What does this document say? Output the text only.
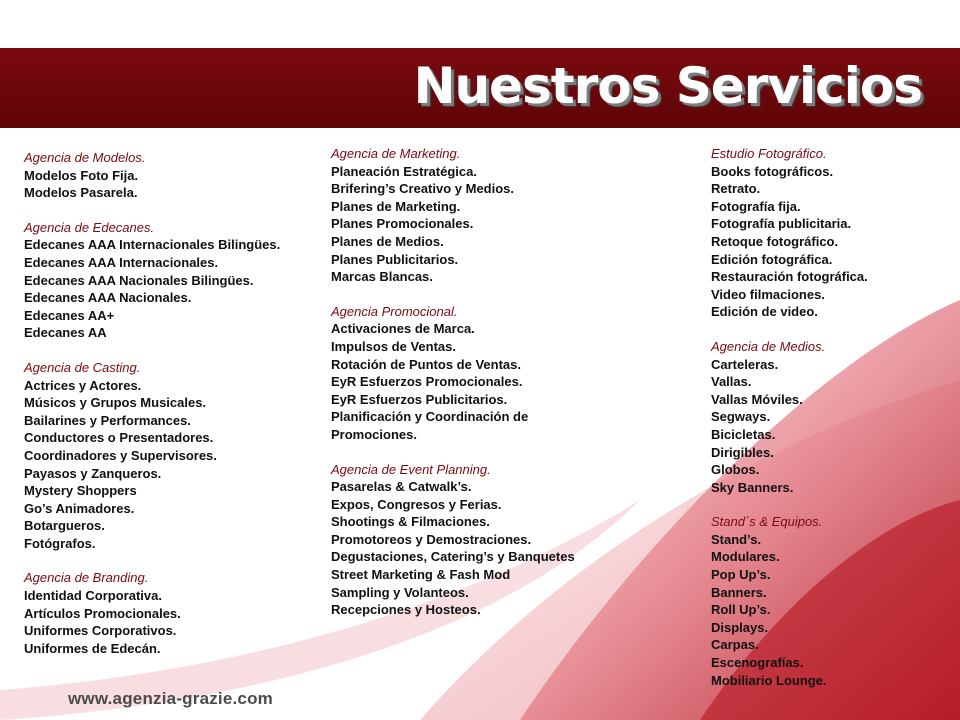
Nuestros Servicios
Agencia de Modelos.
Modelos Foto Fija.
Modelos Pasarela.
Agencia de Edecanes.
Edecanes AAA Internacionales Bilingües.
Edecanes AAA Internacionales.
Edecanes AAA Nacionales Bilingües.
Edecanes AAA Nacionales.
Edecanes AA+
Edecanes AA
Agencia de Casting.
Actrices y Actores.
Músicos y Grupos Musicales.
Bailarines y Performances.
Conductores o Presentadores.
Coordinadores y Supervisores.
Payasos y Zanqueros.
Mystery Shoppers
Go’s Animadores.
Botargueros.
Fotógrafos.
Agencia de Branding.
Identidad Corporativa.
Artículos Promocionales.
Uniformes Corporativos.
Uniformes de Edecán.
Agencia de Marketing.
Planeación Estratégica.
Brifering’s Creativo y Medios.
Planes de Marketing.
Planes Promocionales.
Planes de Medios.
Planes Publicitarios.
Marcas Blancas.
Agencia Promocional.
Activaciones de Marca.
Impulsos de Ventas.
Rotación de Puntos de Ventas.
EyR Esfuerzos Promocionales.
EyR Esfuerzos Publicitarios.
Planificación y Coordinación de
Promociones.
Agencia de Event Planning.
Pasarelas & Catwalk’s.
Expos, Congresos y Ferias.
Shootings & Filmaciones.
Promotoreos y Demostraciones.
Degustaciones, Catering’s y Banquetes
Street Marketing & Fash Mod
Sampling y Volanteos.
Recepciones y Hosteos.
Estudio Fotográfico.
Books fotográficos.
Retrato.
Fotografía fija.
Fotografía publicitaria.
Retoque fotográfico.
Edición fotográfica.
Restauración fotográfica.
Video filmaciones.
Edición de video.
Agencia de Medios.
Carteleras.
Vallas.
Vallas Móviles.
Segways.
Bicicletas.
Dirigibles.
Globos.
Sky Banners.
Stand´s & Equipos.
Stand’s.
Modulares.
Pop Up’s.
Banners.
Roll Up’s.
Displays.
Carpas.
Escenografías.
Mobiliario Lounge.
www.agenzia-grazie.com
